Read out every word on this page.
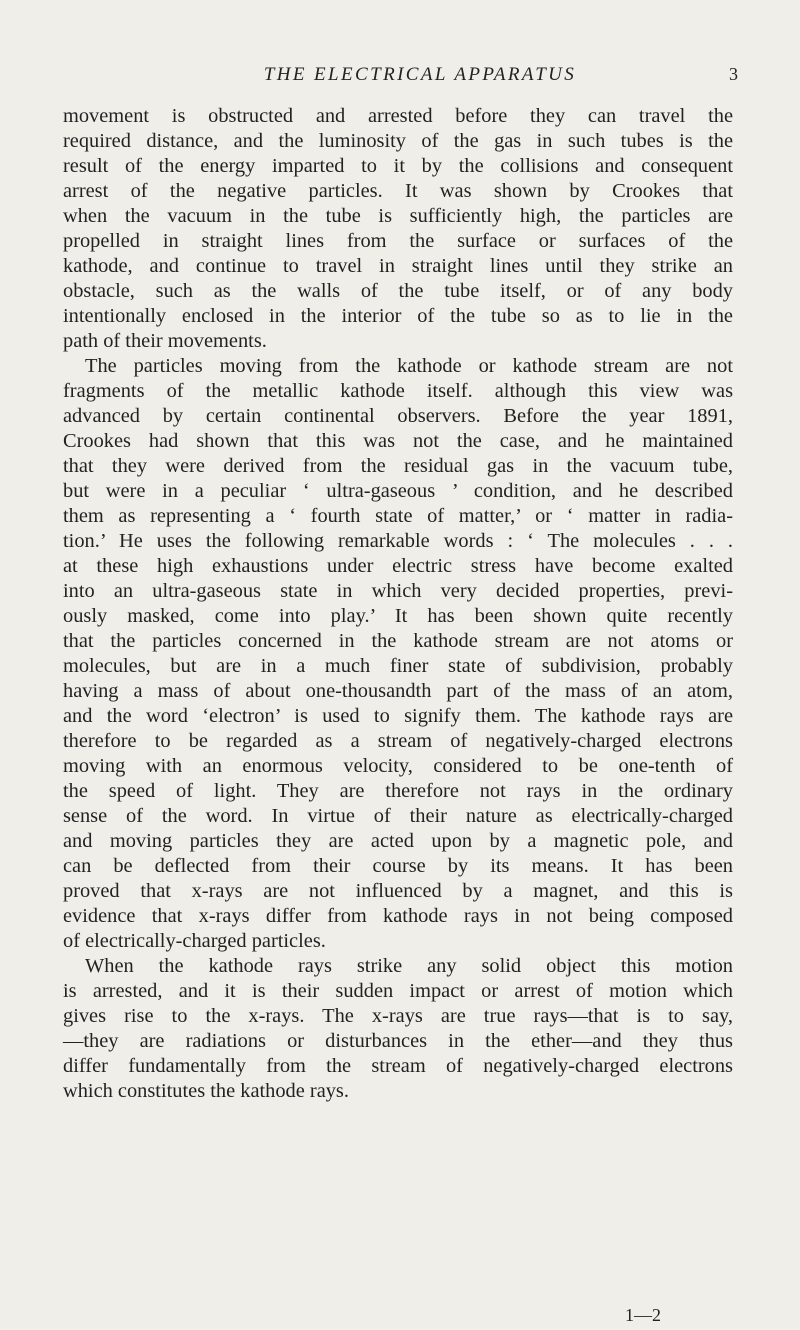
THE ELECTRICAL APPARATUS	3
movement is obstructed and arrested before they can travel the
required distance, and the luminosity of the gas in such tubes is the
result of the energy imparted to it by the collisions and consequent
arrest of the negative particles. It was shown by Crookes that
when the vacuum in the tube is sufficiently high, the particles are
propelled in straight lines from the surface or surfaces of the
kathode, and continue to travel in straight lines until they strike an
obstacle, such as the walls of the tube itself, or of any body
intentionally enclosed in the interior of the tube so as to lie in the
path of their movements.
The particles moving from the kathode or kathode stream are not
fragments of the metallic kathode itself. although this view was
advanced by certain continental observers. Before the year 1891,
Crookes had shown that this was not the case, and he maintained
that they were derived from the residual gas in the vacuum tube,
but were in a peculiar ‘ ultra-gaseous ’ condition, and he described
them as representing a ‘ fourth state of matter,’ or ‘ matter in radia-
tion.’ He uses the following remarkable words : ‘ The molecules . . .
at these high exhaustions under electric stress have become exalted
into an ultra-gaseous state in which very decided properties, previ-
ously masked, come into play.’ It has been shown quite recently
that the particles concerned in the kathode stream are not atoms or
molecules, but are in a much finer state of subdivision, probably
having a mass of about one-thousandth part of the mass of an atom,
and the word ‘electron’ is used to signify them. The kathode rays are
therefore to be regarded as a stream of negatively-charged electrons
moving with an enormous velocity, considered to be one-tenth of
the speed of light. They are therefore not rays in the ordinary
sense of the word. In virtue of their nature as electrically-charged
and moving particles they are acted upon by a magnetic pole, and
can be deflected from their course by its means. It has been
proved that x-rays are not influenced by a magnet, and this is
evidence that x-rays differ from kathode rays in not being composed
of electrically-charged particles.
When the kathode rays strike any solid object this motion
is arrested, and it is their sudden impact or arrest of motion which
gives rise to the x-rays. The x-rays are true rays—that is to say,
—they are radiations or disturbances in the ether—and they thus
differ fundamentally from the stream of negatively-charged electrons
which constitutes the kathode rays.
1—2
